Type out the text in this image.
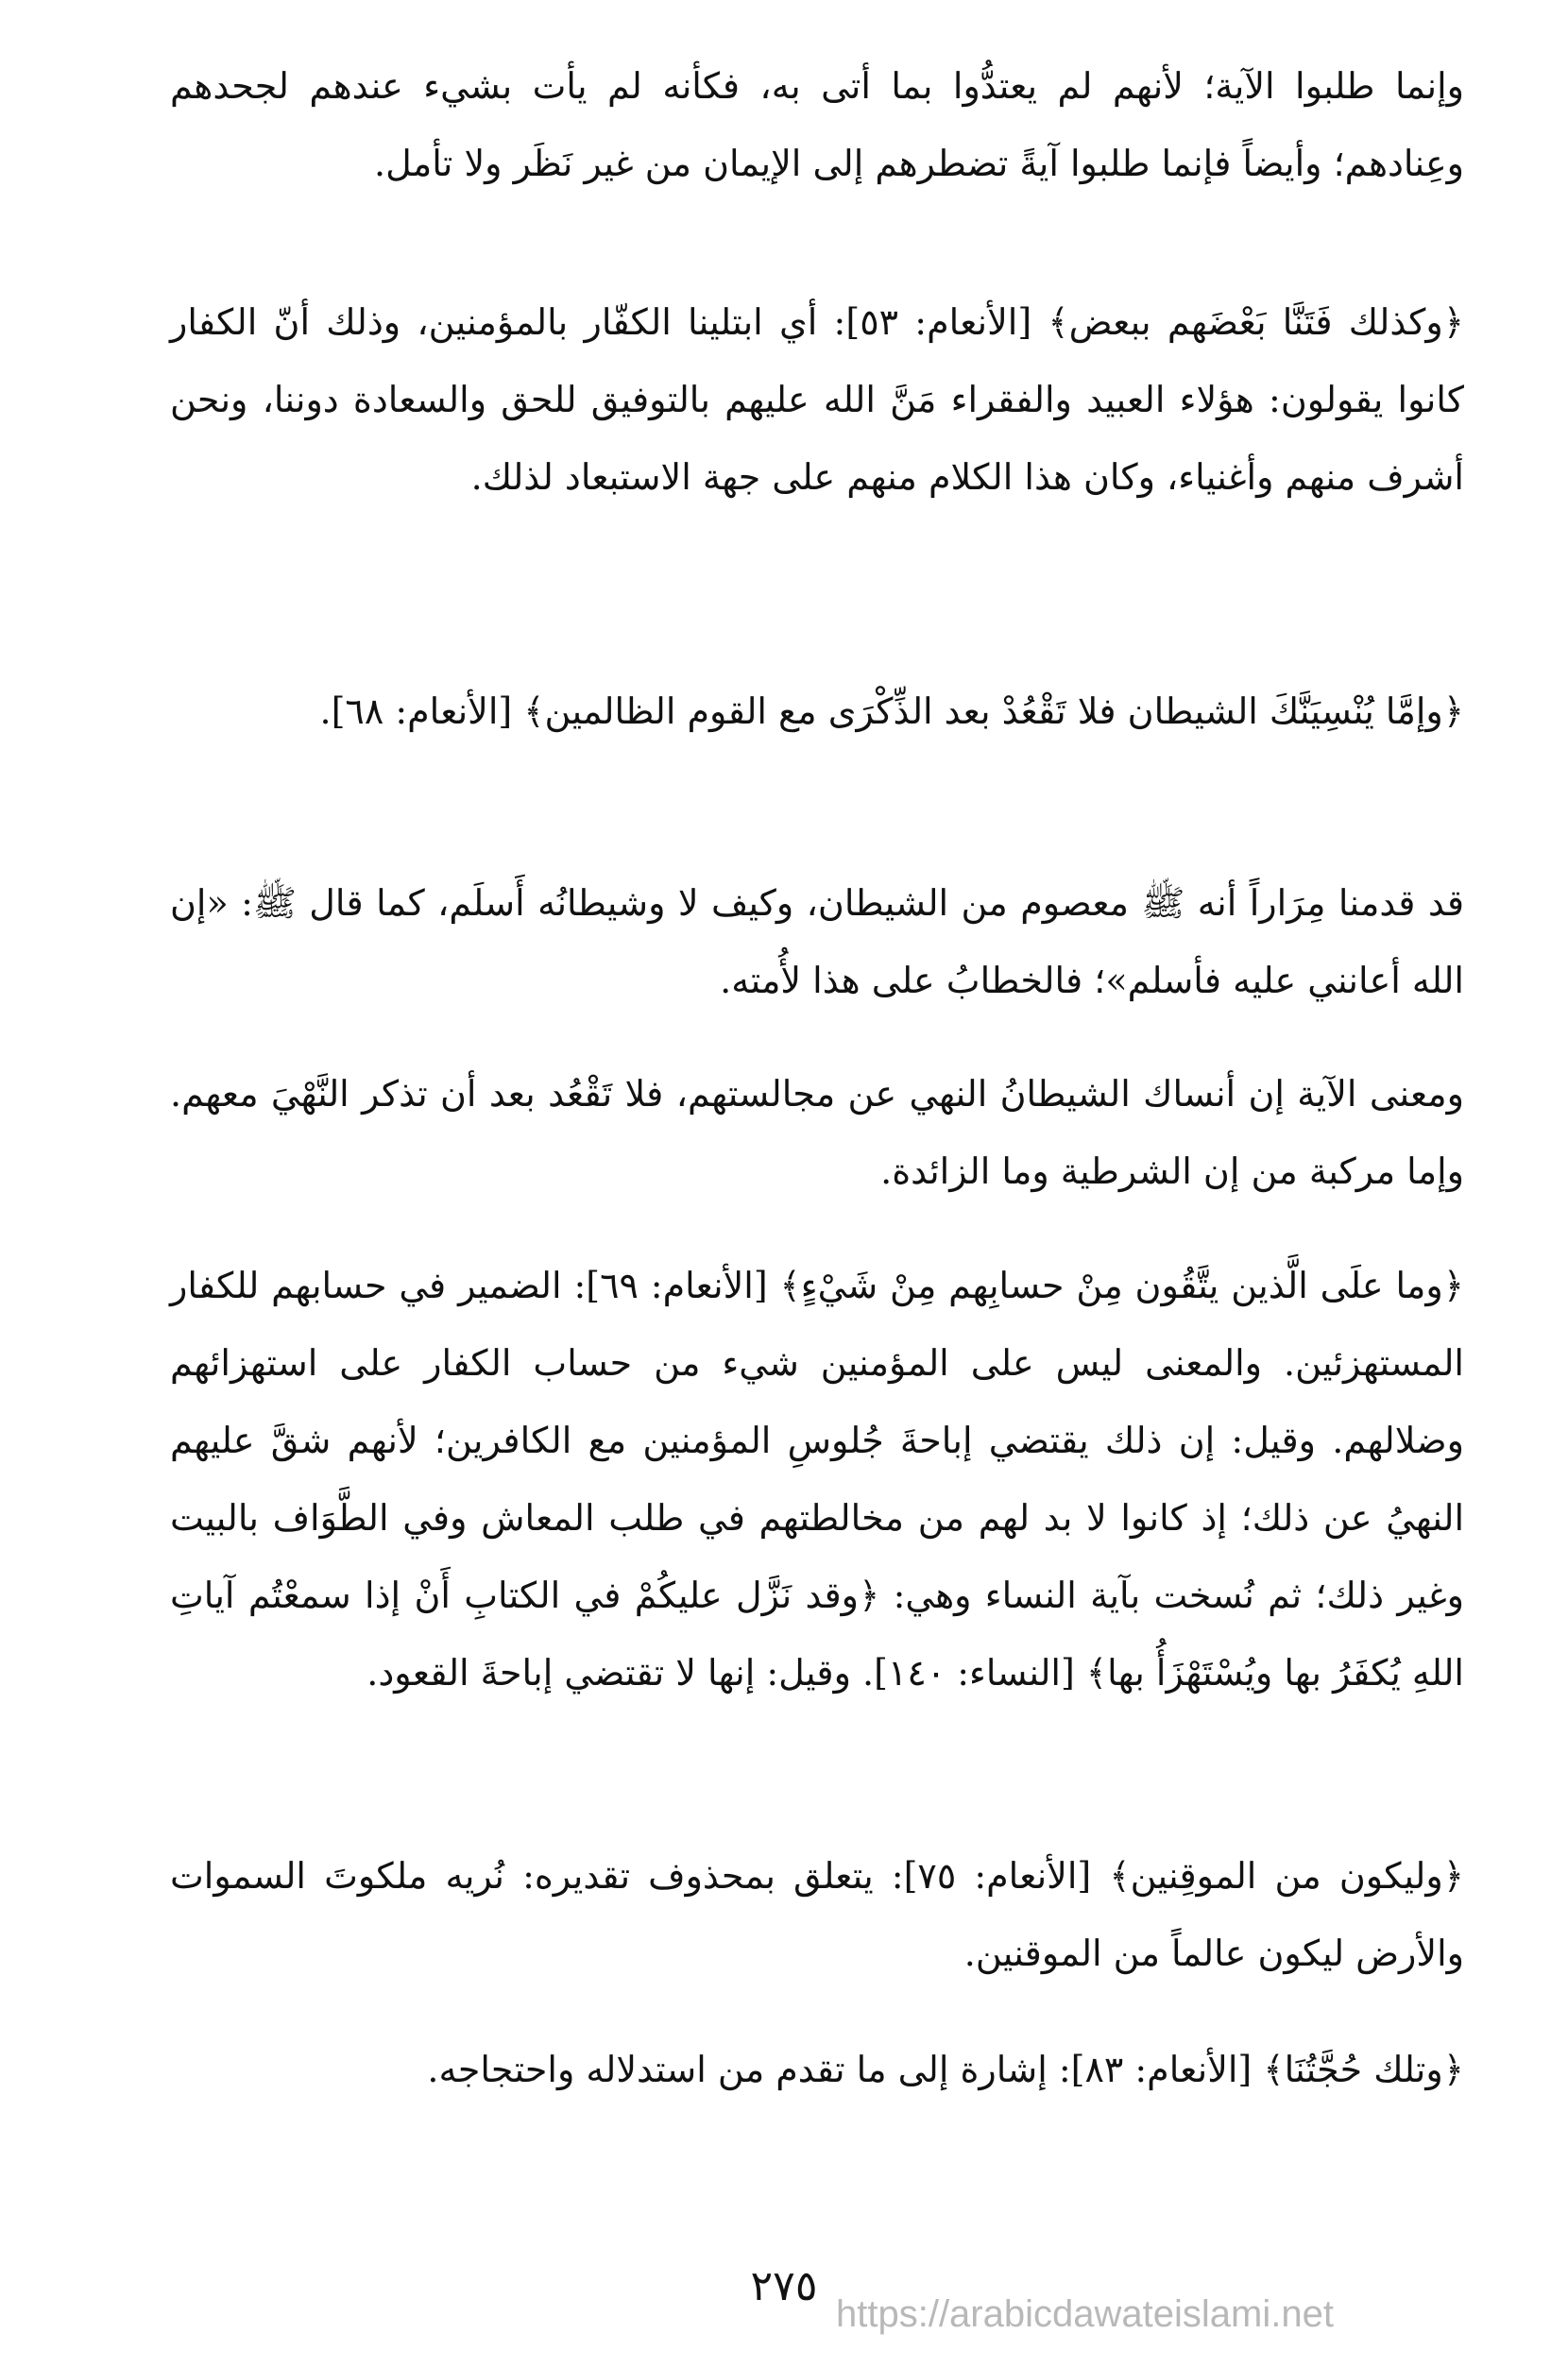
وإنما طلبوا الآية؛ لأنهم لم يعتدُّوا بما أتى به، فكأنه لم يأت بشيء عندهم لجحدهم وعِنادهم؛ وأيضاً فإنما طلبوا آيةً تضطرهم إلى الإيمان من غير نَظَر ولا تأمل.

﴿وكذلك فَتَنَّا بَعْضَهم ببعض﴾ [الأنعام: ٥٣]: أي ابتلينا الكفّار بالمؤمنين، وذلك أنّ الكفار كانوا يقولون: هؤلاء العبيد والفقراء مَنَّ الله عليهم بالتوفيق للحق والسعادة دوننا، ونحن أشرف منهم وأغنياء، وكان هذا الكلام منهم على جهة الاستبعاد لذلك.

﴿وإمَّا يُنْسِيَنَّكَ الشيطان فلا تَقْعُدْ بعد الذِّكْرَى مع القوم الظالمين﴾ [الأنعام: ٦٨].

قد قدمنا مِرَاراً أنه ﷺ معصوم من الشيطان، وكيف لا وشيطانُه أَسلَم، كما قال ﷺ: «إن الله أعانني عليه فأسلم»؛ فالخطابُ على هذا لأُمته.

ومعنى الآية إن أنساك الشيطانُ النهي عن مجالستهم، فلا تَقْعُد بعد أن تذكر النَّهْيَ معهم. وإما مركبة من إن الشرطية وما الزائدة.

﴿وما علَى الَّذين يتَّقُون مِنْ حسابِهم مِنْ شَيْءٍ﴾ [الأنعام: ٦٩]: الضمير في حسابهم للكفار المستهزئين. والمعنى ليس على المؤمنين شيء من حساب الكفار على استهزائهم وضلالهم. وقيل: إن ذلك يقتضي إباحةَ جُلوسِ المؤمنين مع الكافرين؛ لأنهم شقَّ عليهم النهيُ عن ذلك؛ إذ كانوا لا بد لهم من مخالطتهم في طلب المعاش وفي الطَّوَاف بالبيت وغير ذلك؛ ثم نُسخت بآية النساء وهي: ﴿وقد نَزَّل عليكُمْ في الكتابِ أَنْ إذا سمعْتُم آياتِ اللهِ يُكفَرُ بها ويُسْتَهْزَأُ بها﴾ [النساء: ١٤٠]. وقيل: إنها لا تقتضي إباحةَ القعود.

﴿وليكون من الموقِنين﴾ [الأنعام: ٧٥]: يتعلق بمحذوف تقديره: نُريه ملكوتَ السموات والأرض ليكون عالماً من الموقنين.

﴿وتلك حُجَّتُنَا﴾ [الأنعام: ٨٣]: إشارة إلى ما تقدم من استدلاله واحتجاجه.

٢٧٥
https://arabicdawateislami.net
